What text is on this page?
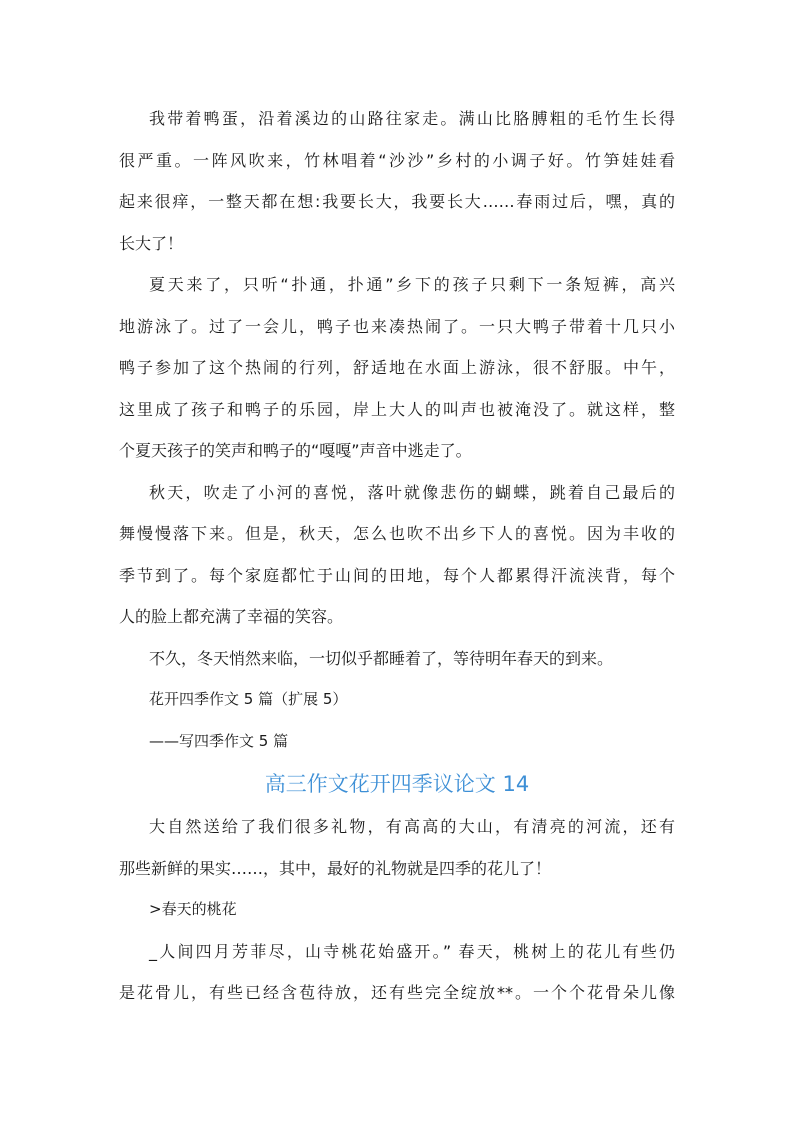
我带着鸭蛋，沿着溪边的山路往家走。满山比胳膊粗的毛竹生长得
很严重。一阵风吹来，竹林唱着“沙沙”乡村的小调子好。竹笋娃娃看
起来很痒，一整天都在想:我要长大，我要长大……春雨过后，嘿，真的
长大了！
夏天来了，只听“扑通，扑通”乡下的孩子只剩下一条短裤，高兴
地游泳了。过了一会儿，鸭子也来凑热闹了。一只大鸭子带着十几只小
鸭子参加了这个热闹的行列，舒适地在水面上游泳，很不舒服。中午，
这里成了孩子和鸭子的乐园，岸上大人的叫声也被淹没了。就这样，整
个夏天孩子的笑声和鸭子的“嘎嘎”声音中逃走了。
秋天，吹走了小河的喜悦，落叶就像悲伤的蝴蝶，跳着自己最后的
舞慢慢落下来。但是，秋天，怎么也吹不出乡下人的喜悦。因为丰收的
季节到了。每个家庭都忙于山间的田地，每个人都累得汗流浃背，每个
人的脸上都充满了幸福的笑容。
不久，冬天悄然来临，一切似乎都睡着了，等待明年春天的到来。
花开四季作文 5 篇（扩展 5）
——写四季作文 5 篇
高三作文花开四季议论文 14
大自然送给了我们很多礼物，有高高的大山，有清亮的河流，还有
那些新鲜的果实……，其中，最好的礼物就是四季的花儿了！
>春天的桃花
_人间四月芳菲尽，山寺桃花始盛开。” 春天，桃树上的花儿有些仍
是花骨儿，有些已经含苞待放，还有些完全绽放**。一个个花骨朵儿像
